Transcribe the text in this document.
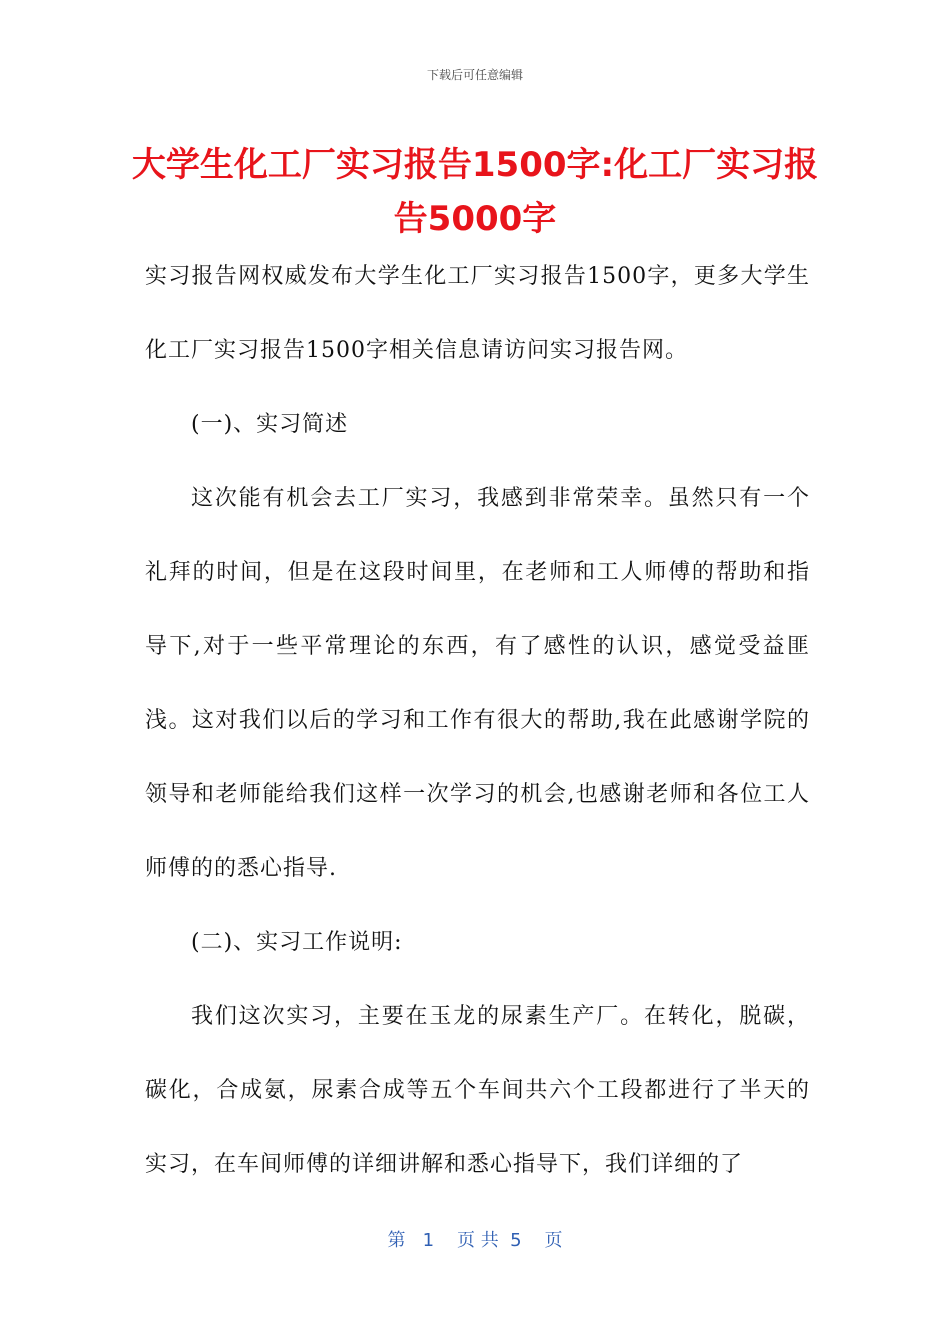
下载后可任意编辑
大学生化工厂实习报告1500字:化工厂实习报告5000字

实习报告网权威发布大学生化工厂实习报告1500字，更多大学生化工厂实习报告1500字相关信息请访问实习报告网。

(一)、实习简述

这次能有机会去工厂实习，我感到非常荣幸。虽然只有一个礼拜的时间，但是在这段时间里，在老师和工人师傅的帮助和指导下,对于一些平常理论的东西，有了感性的认识，感觉受益匪浅。这对我们以后的学习和工作有很大的帮助,我在此感谢学院的领导和老师能给我们这样一次学习的机会,也感谢老师和各位工人师傅的的悉心指导.

(二)、实习工作说明:

我们这次实习，主要在玉龙的尿素生产厂。在转化，脱碳，碳化，合成氨，尿素合成等五个车间共六个工段都进行了半天的实习，在车间师傅的详细讲解和悉心指导下，我们详细的了

第   1    页 共  5    页
